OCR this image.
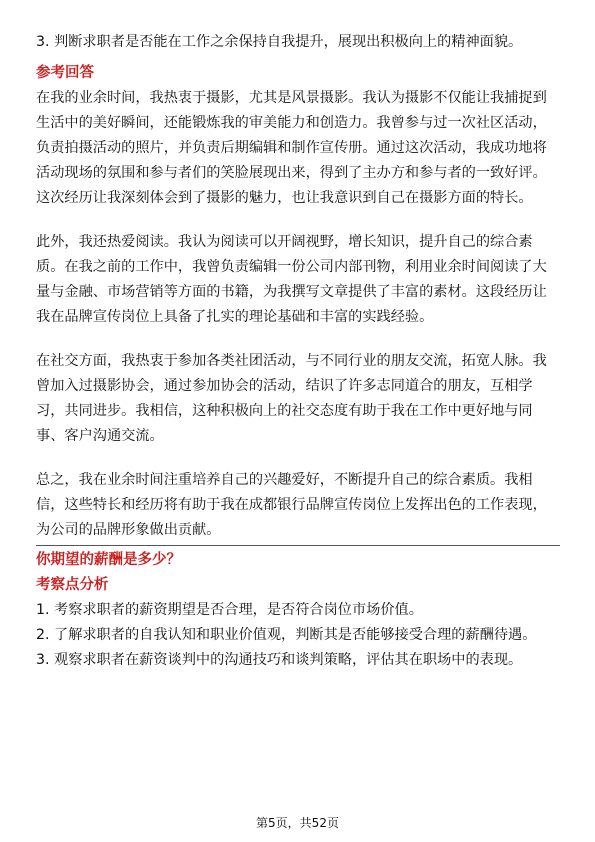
3. 判断求职者是否能在工作之余保持自我提升，展现出积极向上的精神面貌。
参考回答
在我的业余时间，我热衷于摄影，尤其是风景摄影。我认为摄影不仅能让我捕捉到
生活中的美好瞬间，还能锻炼我的审美能力和创造力。我曾参与过一次社区活动，
负责拍摄活动的照片，并负责后期编辑和制作宣传册。通过这次活动，我成功地将
活动现场的氛围和参与者们的笑脸展现出来，得到了主办方和参与者的一致好评。
这次经历让我深刻体会到了摄影的魅力，也让我意识到自己在摄影方面的特长。
此外，我还热爱阅读。我认为阅读可以开阔视野，增长知识，提升自己的综合素
质。在我之前的工作中，我曾负责编辑一份公司内部刊物，利用业余时间阅读了大
量与金融、市场营销等方面的书籍，为我撰写文章提供了丰富的素材。这段经历让
我在品牌宣传岗位上具备了扎实的理论基础和丰富的实践经验。
在社交方面，我热衷于参加各类社团活动，与不同行业的朋友交流，拓宽人脉。我
曾加入过摄影协会，通过参加协会的活动，结识了许多志同道合的朋友，互相学
习，共同进步。我相信，这种积极向上的社交态度有助于我在工作中更好地与同
事、客户沟通交流。
总之，我在业余时间注重培养自己的兴趣爱好，不断提升自己的综合素质。我相
信，这些特长和经历将有助于我在成都银行品牌宣传岗位上发挥出色的工作表现，
为公司的品牌形象做出贡献。
你期望的薪酬是多少？
考察点分析
1. 考察求职者的薪资期望是否合理，是否符合岗位市场价值。
2. 了解求职者的自我认知和职业价值观，判断其是否能够接受合理的薪酬待遇。
3. 观察求职者在薪资谈判中的沟通技巧和谈判策略，评估其在职场中的表现。
第5页，共52页
